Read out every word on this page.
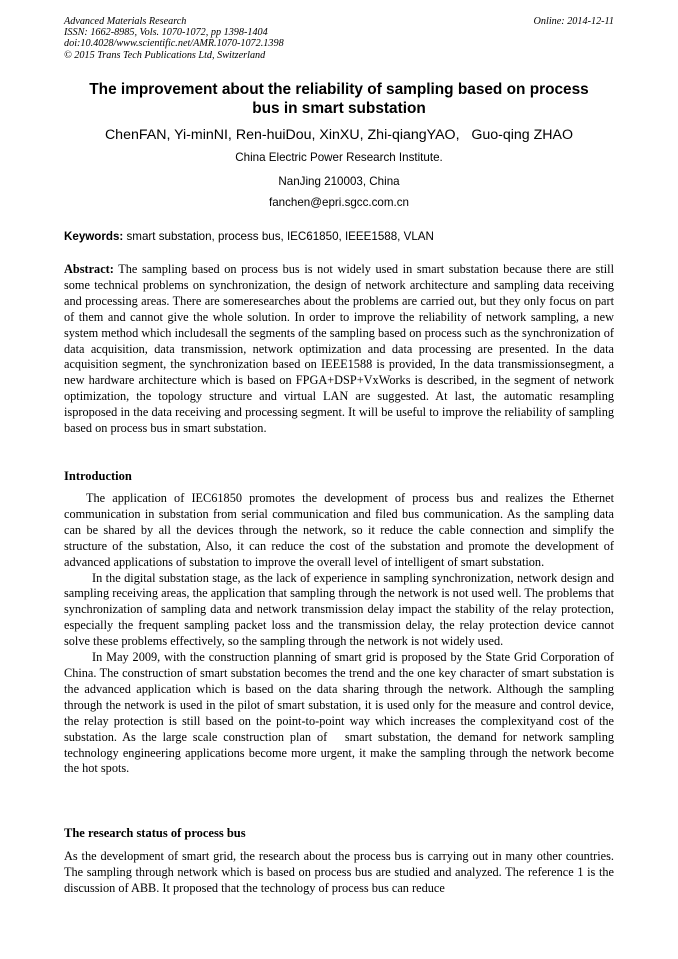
Advanced Materials Research
ISSN: 1662-8985, Vols. 1070-1072, pp 1398-1404
doi:10.4028/www.scientific.net/AMR.1070-1072.1398
© 2015 Trans Tech Publications Ltd, Switzerland
Online: 2014-12-11
The improvement about the reliability of sampling based on process
bus in smart substation
ChenFAN, Yi-minNI, Ren-huiDou, XinXU, Zhi-qiangYAO,   Guo-qing ZHAO
China Electric Power Research Institute.
NanJing 210003, China
fanchen@epri.sgcc.com.cn
Keywords: smart substation, process bus, IEC61850, IEEE1588, VLAN

Abstract: The sampling based on process bus is not widely used in smart substation because there are still some technical problems on synchronization, the design of network architecture and sampling data receiving and processing areas. There are someresearches about the problems are carried out, but they only focus on part of them and cannot give the whole solution. In order to improve the reliability of network sampling, a new system method which includesall the segments of the sampling based on process such as the synchronization of data acquisition, data transmission, network optimization and data processing are presented. In the data acquisition segment, the synchronization based on IEEE1588 is provided, In the data transmissionsegment, a new hardware architecture which is based on FPGA+DSP+VxWorks is described, in the segment of network optimization, the topology structure and virtual LAN are suggested. At last, the automatic resampling isproposed in the data receiving and processing segment. It will be useful to improve the reliability of sampling based on process bus in smart substation.

Introduction

The application of IEC61850 promotes the development of process bus and realizes the Ethernet communication in substation from serial communication and filed bus communication. As the sampling data can be shared by all the devices through the network, so it reduce the cable connection and simplify the structure of the substation, Also, it can reduce the cost of the substation and promote the development of advanced applications of substation to improve the overall level of intelligent of smart substation.

In the digital substation stage, as the lack of experience in sampling synchronization, network design and sampling receiving areas, the application that sampling through the network is not used well. The problems that synchronization of sampling data and network transmission delay impact the stability of the relay protection, especially the frequent sampling packet loss and the transmission delay, the relay protection device cannot solve these problems effectively, so the sampling through the network is not widely used.

In May 2009, with the construction planning of smart grid is proposed by the State Grid Corporation of China. The construction of smart substation becomes the trend and the one key character of smart substation is the advanced application which is based on the data sharing through the network. Although the sampling through the network is used in the pilot of smart substation, it is used only for the measure and control device, the relay protection is still based on the point-to-point way which increases the complexityand cost of the substation. As the large scale construction plan of   smart substation, the demand for network sampling technology engineering applications become more urgent, it make the sampling through the network become the hot spots.

The research status of process bus

As the development of smart grid, the research about the process bus is carrying out in many other countries. The sampling through network which is based on process bus are studied and analyzed. The reference 1 is the discussion of ABB. It proposed that the technology of process bus can reduce
